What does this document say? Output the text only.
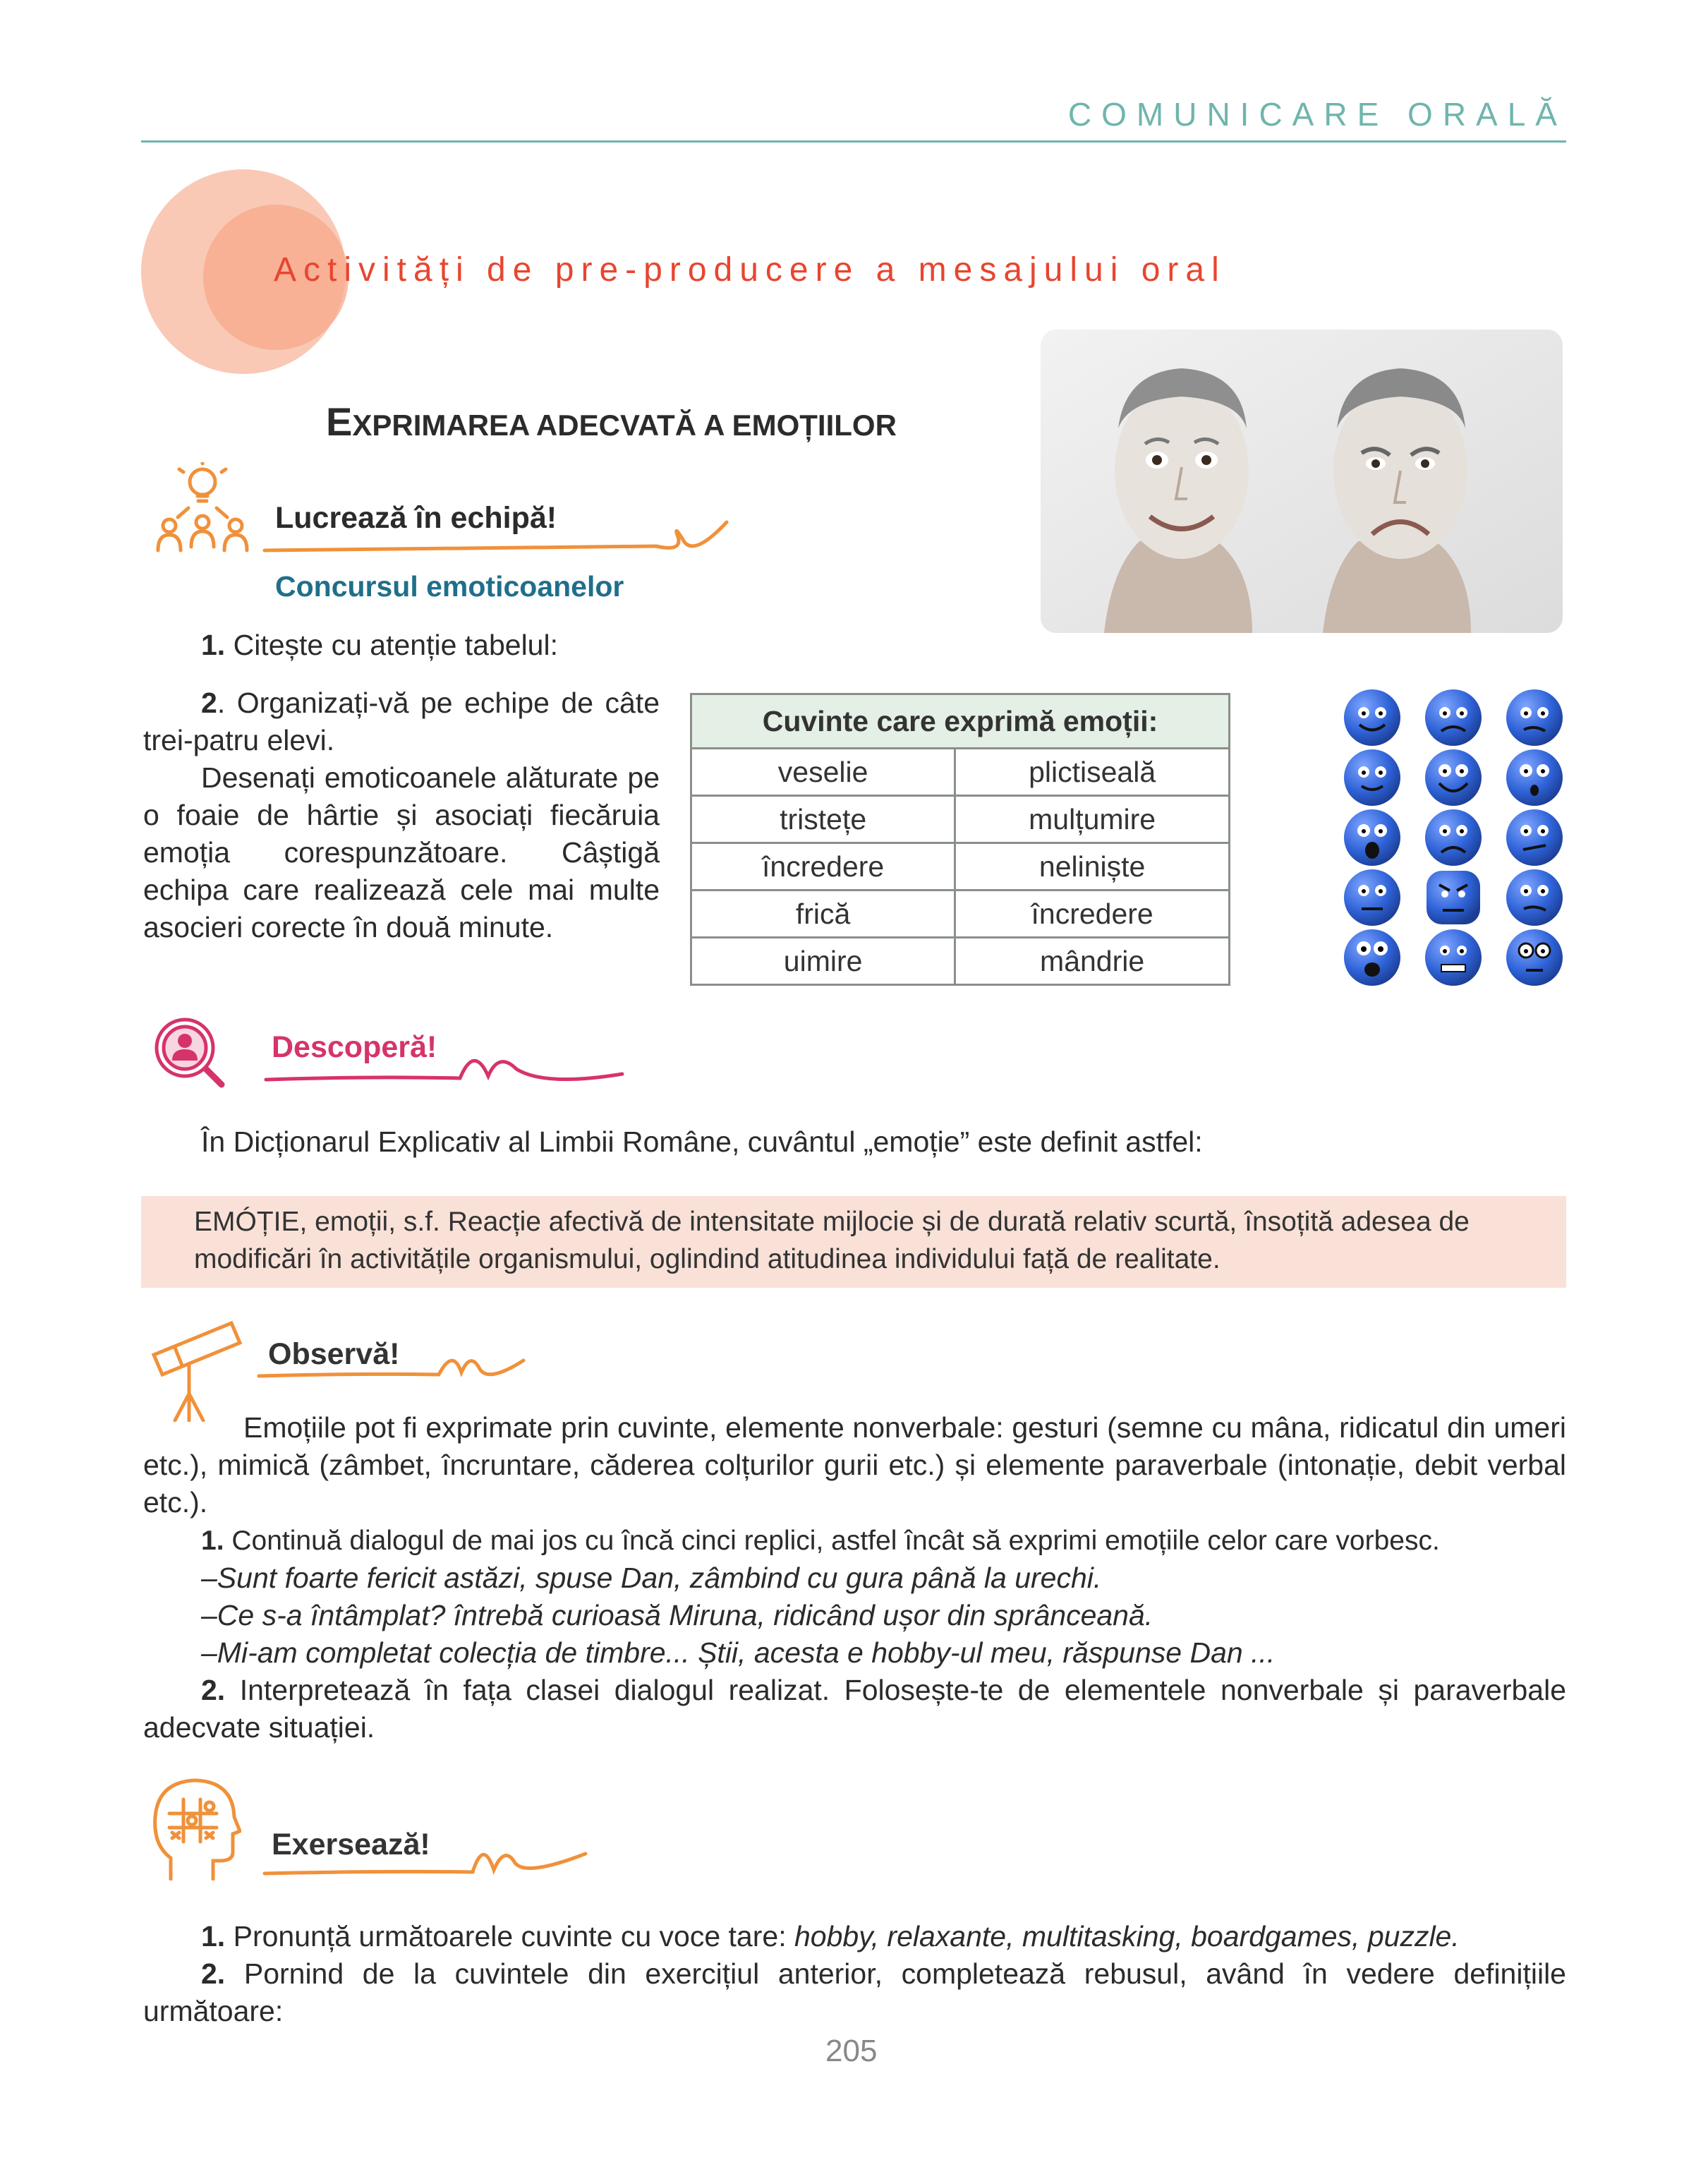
COMUNICARE ORALĂ
Activități de pre-producere a mesajului oral
EXPRIMAREA ADECVATĂ A EMOȚIILOR
Lucrează în echipă!
Concursul emoticoanelor
1. Citește cu atenție tabelul:
2. Organizați-vă pe echipe de câte trei-patru elevi.
Desenați emoticoanele alăturate pe o foaie de hârtie și asociați fiecăruia emoția corespunzătoare. Câștigă echipa care realizează cele mai multe asocieri corecte în două minute.
Cuvinte care exprimă emoții:	
veselie	plictiseală
tristețe	mulțumire
încredere	neliniște
frică	încredere
uimire	mândrie
Descoperă!
În Dicționarul Explicativ al Limbii Române, cuvântul „emoție” este definit astfel:
EMÓȚIE, emoții, s.f. Reacție afectivă de intensitate mijlocie și de durată relativ scurtă, însoțită adesea de modificări în activitățile organismului, oglindind atitudinea individului față de realitate.
Observă!
Emoțiile pot fi exprimate prin cuvinte, elemente nonverbale: gesturi (semne cu mâna, ridicatul din umeri etc.), mimică (zâmbet, încruntare, căderea colțurilor gurii etc.) și elemente paraverbale (intonație, debit verbal etc.).
1. Continuă dialogul de mai jos cu încă cinci replici, astfel încât să exprimi emoțiile celor care vorbesc.
–Sunt foarte fericit astăzi, spuse Dan, zâmbind cu gura până la urechi.
–Ce s-a întâmplat? întrebă curioasă Miruna, ridicând ușor din sprânceană.
–Mi-am completat colecția de timbre... Știi, acesta e hobby-ul meu, răspunse Dan ...
2. Interpretează în fața clasei dialogul realizat. Folosește-te de elementele nonverbale și paraverbale adecvate situației.
Exersează!
1. Pronunță următoarele cuvinte cu voce tare: hobby, relaxante, multitasking, boardgames, puzzle.
2. Pornind de la cuvintele din exercițiul anterior, completează rebusul, având în vedere definițiile următoare:
205
